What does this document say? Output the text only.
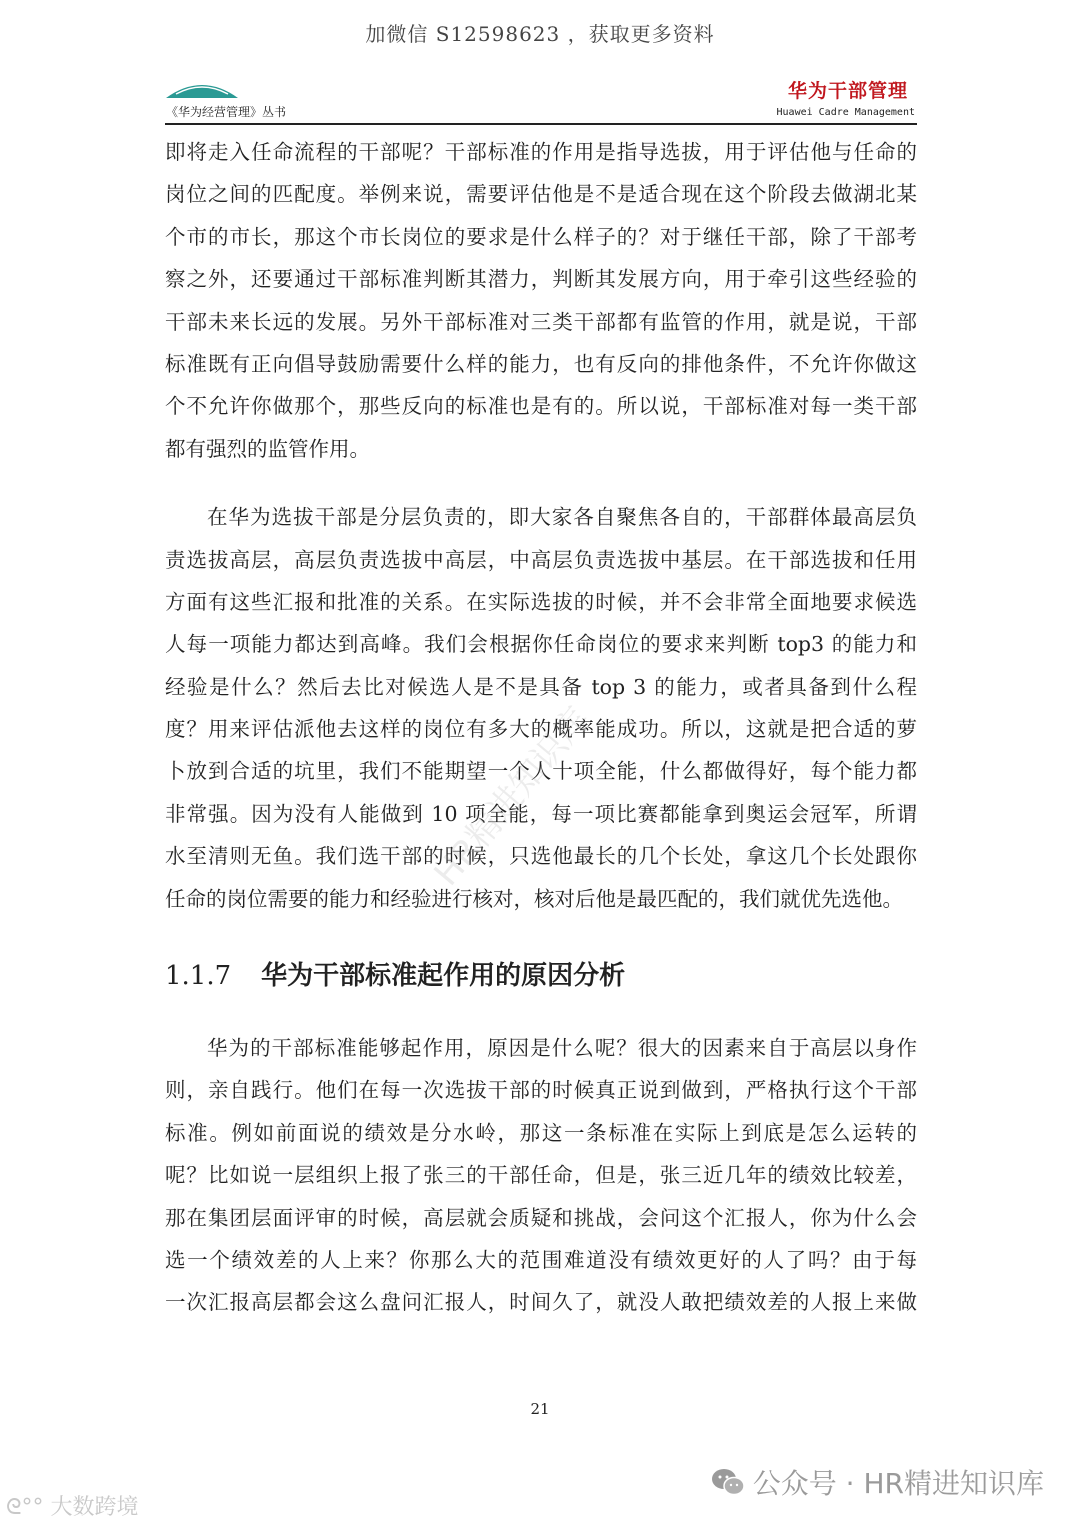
加微信 S12598623 ，获取更多资料
《华为经营管理》丛书
华为干部管理
Huawei Cadre Management
即将走入任命流程的干部呢？干部标准的作用是指导选拔，用于评估他与任命的
岗位之间的匹配度。举例来说，需要评估他是不是适合现在这个阶段去做湖北某
个市的市长，那这个市长岗位的要求是什么样子的？对于继任干部，除了干部考
察之外，还要通过干部标准判断其潜力，判断其发展方向，用于牵引这些经验的
干部未来长远的发展。另外干部标准对三类干部都有监管的作用，就是说，干部
标准既有正向倡导鼓励需要什么样的能力，也有反向的排他条件，不允许你做这
个不允许你做那个，那些反向的标准也是有的。所以说，干部标准对每一类干部
都有强烈的监管作用。
在华为选拔干部是分层负责的，即大家各自聚焦各自的，干部群体最高层负
责选拔高层，高层负责选拔中高层，中高层负责选拔中基层。在干部选拔和任用
方面有这些汇报和批准的关系。在实际选拔的时候，并不会非常全面地要求候选
人每一项能力都达到高峰。我们会根据你任命岗位的要求来判断 top3 的能力和
经验是什么？然后去比对候选人是不是具备 top 3 的能力，或者具备到什么程
度？用来评估派他去这样的岗位有多大的概率能成功。所以，这就是把合适的萝
卜放到合适的坑里，我们不能期望一个人十项全能，什么都做得好，每个能力都
非常强。因为没有人能做到 10 项全能，每一项比赛都能拿到奥运会冠军，所谓
水至清则无鱼。我们选干部的时候，只选他最长的几个长处，拿这几个长处跟你
任命的岗位需要的能力和经验进行核对，核对后他是最匹配的，我们就优先选他。
1.1.7 华为干部标准起作用的原因分析
华为的干部标准能够起作用，原因是什么呢？很大的因素来自于高层以身作
则，亲自践行。他们在每一次选拔干部的时候真正说到做到，严格执行这个干部
标准。例如前面说的绩效是分水岭，那这一条标准在实际上到底是怎么运转的
呢？比如说一层组织上报了张三的干部任命，但是，张三近几年的绩效比较差，
那在集团层面评审的时候，高层就会质疑和挑战，会问这个汇报人，你为什么会
选一个绩效差的人上来？你那么大的范围难道没有绩效更好的人了吗？由于每
一次汇报高层都会这么盘问汇报人，时间久了，就没人敢把绩效差的人报上来做
HR精进知识库
21
公众号 · HR精进知识库
ᘓ°° 大数跨境
